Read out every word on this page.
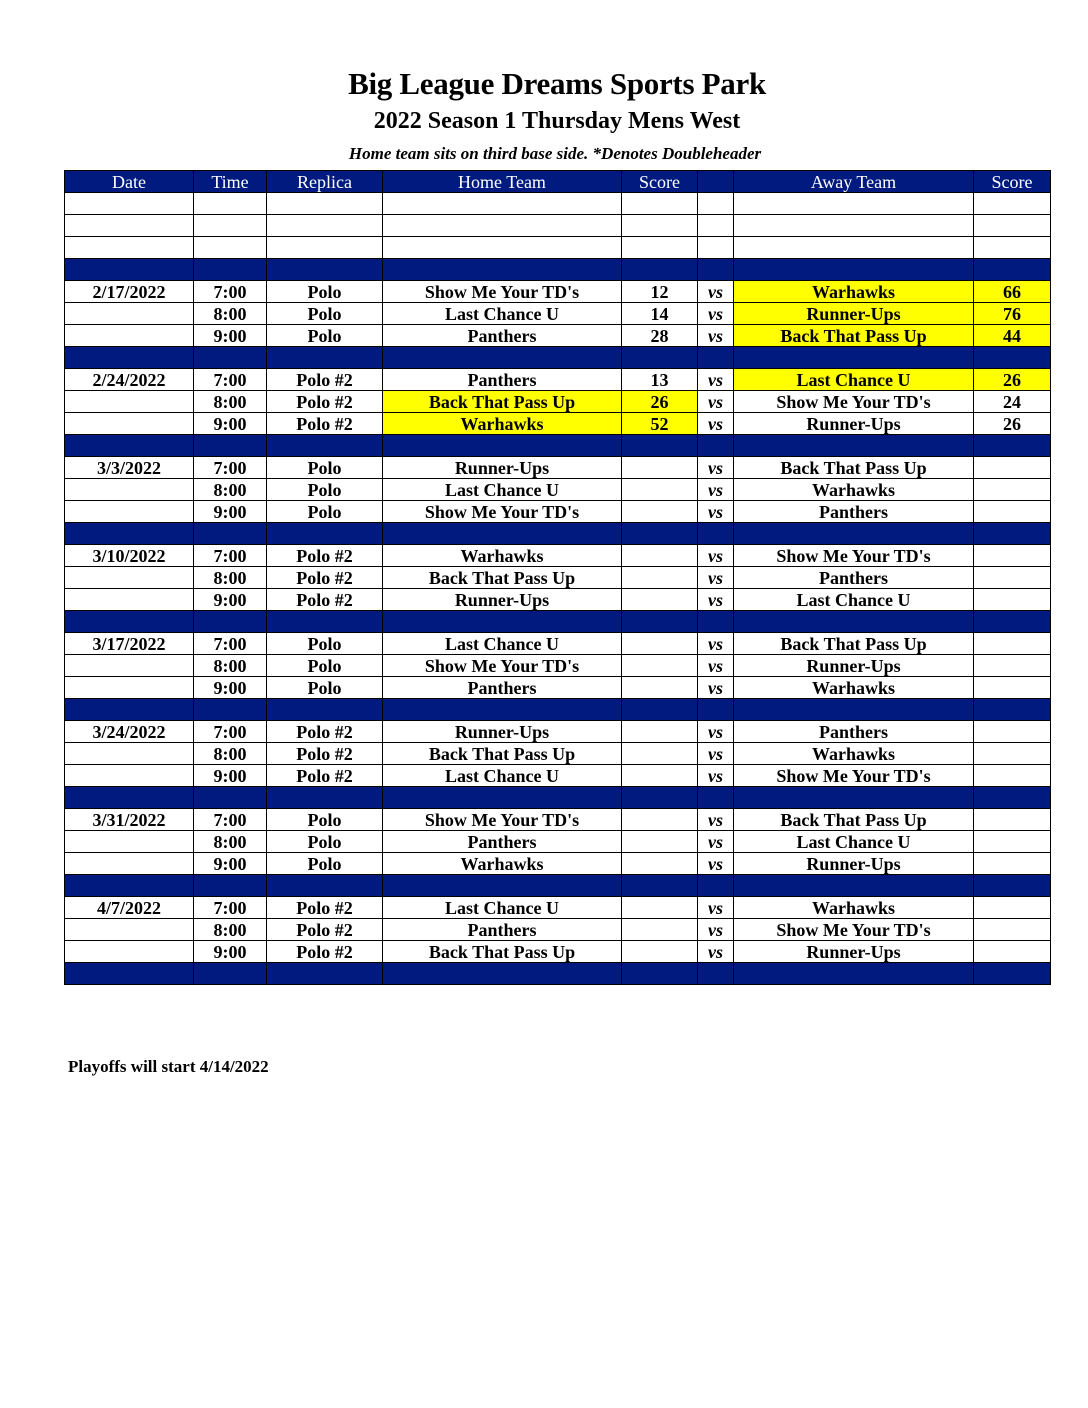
Big League Dreams Sports Park
2022 Season 1 Thursday Mens West
Home team sits on third base side. *Denotes Doubleheader
Date	Time	Replica	Home Team	Score		Away Team	Score

2/17/2022	7:00	Polo	Show Me Your TD's	12	vs	Warhawks	66
	8:00	Polo	Last Chance U	14	vs	Runner-Ups	76
	9:00	Polo	Panthers	28	vs	Back That Pass Up	44

2/24/2022	7:00	Polo #2	Panthers	13	vs	Last Chance U	26
	8:00	Polo #2	Back That Pass Up	26	vs	Show Me Your TD's	24
	9:00	Polo #2	Warhawks	52	vs	Runner-Ups	26

3/3/2022	7:00	Polo	Runner-Ups		vs	Back That Pass Up	
	8:00	Polo	Last Chance U		vs	Warhawks	
	9:00	Polo	Show Me Your TD's		vs	Panthers	

3/10/2022	7:00	Polo #2	Warhawks		vs	Show Me Your TD's	
	8:00	Polo #2	Back That Pass Up		vs	Panthers	
	9:00	Polo #2	Runner-Ups		vs	Last Chance U	

3/17/2022	7:00	Polo	Last Chance U		vs	Back That Pass Up	
	8:00	Polo	Show Me Your TD's		vs	Runner-Ups	
	9:00	Polo	Panthers		vs	Warhawks	

3/24/2022	7:00	Polo #2	Runner-Ups		vs	Panthers	
	8:00	Polo #2	Back That Pass Up		vs	Warhawks	
	9:00	Polo #2	Last Chance U		vs	Show Me Your TD's	

3/31/2022	7:00	Polo	Show Me Your TD's		vs	Back That Pass Up	
	8:00	Polo	Panthers		vs	Last Chance U	
	9:00	Polo	Warhawks		vs	Runner-Ups	

4/7/2022	7:00	Polo #2	Last Chance U		vs	Warhawks	
	8:00	Polo #2	Panthers		vs	Show Me Your TD's	
	9:00	Polo #2	Back That Pass Up		vs	Runner-Ups	

Playoffs will start 4/14/2022
